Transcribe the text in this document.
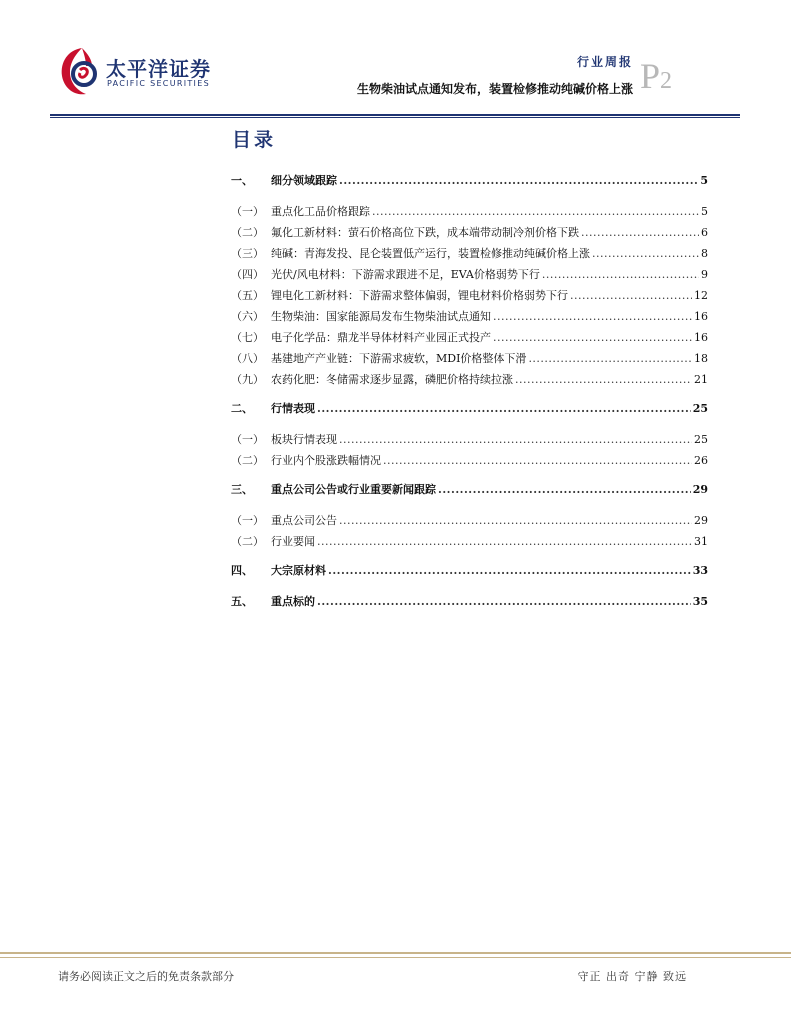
太平洋证券
PACIFIC SECURITIES
行业周报 P2
生物柴油试点通知发布，装置检修推动纯碱价格上涨
目录
一、	细分领域跟踪 .....	5
（一） 重点化工品价格跟踪 .....	5
（二） 氟化工新材料：萤石价格高位下跌，成本端带动制冷剂价格下跌 .....	6
（三） 纯碱：青海发投、昆仑装置低产运行，装置检修推动纯碱价格上涨 .....	8
（四） 光伏/风电材料：下游需求跟进不足，EVA价格弱势下行 .....	9
（五） 锂电化工新材料：下游需求整体偏弱，锂电材料价格弱势下行 .....	12
（六） 生物柴油：国家能源局发布生物柴油试点通知 .....	16
（七） 电子化学品：鼎龙半导体材料产业园正式投产 .....	16
（八） 基建地产产业链：下游需求疲软，MDI价格整体下滑 .....	18
（九） 农药化肥：冬储需求逐步显露，磷肥价格持续拉涨 .....	21
二、	行情表现 .....	25
（一） 板块行情表现 .....	25
（二） 行业内个股涨跌幅情况 .....	26
三、	重点公司公告或行业重要新闻跟踪 .....	29
（一） 重点公司公告 .....	29
（二） 行业要闻 .....	31
四、	大宗原材料 .....	33
五、	重点标的 .....	35
请务必阅读正文之后的免责条款部分	守正 出奇 宁静 致远
